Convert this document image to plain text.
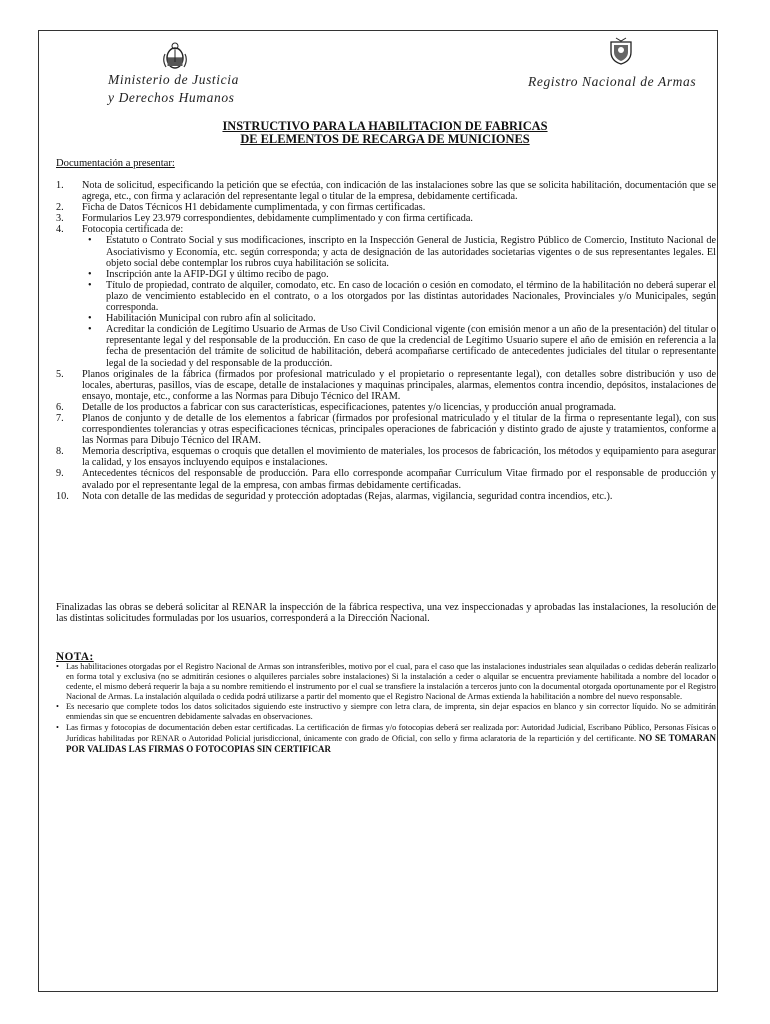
Ministerio de Justicia
y Derechos Humanos
Registro Nacional de Armas
INSTRUCTIVO PARA LA HABILITACION DE FABRICAS
DE ELEMENTOS DE RECARGA DE MUNICIONES
Documentación a presentar:
1. Nota de solicitud, especificando la petición que se efectúa, con indicación de las instalaciones sobre las que se solicita habilitación, documentación que se agrega, etc., con firma y aclaración del representante legal o titular de la empresa, debidamente certificada.
2. Ficha de Datos Técnicos H1 debidamente cumplimentada, y con firmas certificadas.
3. Formularios Ley 23.979 correspondientes, debidamente cumplimentado y con firma certificada.
4. Fotocopia certificada de:
• Estatuto o Contrato Social y sus modificaciones, inscripto en la Inspección General de Justicia, Registro Público de Comercio, Instituto Nacional de Asociativismo y Economía, etc. según corresponda; y acta de designación de las autoridades societarias vigentes o de sus representantes legales. El objeto social debe contemplar los rubros cuya habilitación se solicita.
• Inscripción ante la AFIP-DGI y último recibo de pago.
• Título de propiedad, contrato de alquiler, comodato, etc. En caso de locación o cesión en comodato, el término de la habilitación no deberá superar el plazo de vencimiento establecido en el contrato, o a los otorgados por las distintas autoridades Nacionales, Provinciales y/o Municipales, según corresponda.
• Habilitación Municipal con rubro afín al solicitado.
• Acreditar la condición de Legítimo Usuario de Armas de Uso Civil Condicional vigente (con emisión menor a un año de la presentación) del titular o representante legal y del responsable de la producción. En caso de que la credencial de Legítimo Usuario supere el año de emisión en referencia a la fecha de presentación del trámite de solicitud de habilitación, deberá acompañarse certificado de antecedentes judiciales del titular o representante legal de la sociedad y del responsable de la producción.
5. Planos originales de la fábrica (firmados por profesional matriculado y el propietario o representante legal), con detalles sobre distribución y uso de locales, aberturas, pasillos, vías de escape, detalle de instalaciones y maquinas principales, alarmas, elementos contra incendio, depósitos, instalaciones de ensayo, montaje, etc., conforme a las Normas para Dibujo Técnico del IRAM.
6. Detalle de los productos a fabricar con sus características, especificaciones, patentes y/o licencias, y producción anual programada.
7. Planos de conjunto y de detalle de los elementos a fabricar (firmados por profesional matriculado y el titular de la firma o representante legal), con sus correspondientes tolerancias y otras especificaciones técnicas, principales operaciones de fabricación y distinto grado de ajuste y tratamientos, conforme a las Normas para Dibujo Técnico del IRAM.
8. Memoria descriptiva, esquemas o croquis que detallen el movimiento de materiales, los procesos de fabricación, los métodos y equipamiento para asegurar la calidad, y los ensayos incluyendo equipos e instalaciones.
9. Antecedentes técnicos del responsable de producción. Para ello corresponde acompañar Currículum Vitae firmado por el responsable de producción y avalado por el representante legal de la empresa, con ambas firmas debidamente certificadas.
10. Nota con detalle de las medidas de seguridad y protección adoptadas (Rejas, alarmas, vigilancia, seguridad contra incendios, etc.).
Finalizadas las obras se deberá solicitar al RENAR la inspección de la fábrica respectiva, una vez inspeccionadas y aprobadas las instalaciones, la resolución de las distintas solicitudes formuladas por los usuarios, corresponderá a la Dirección Nacional.
NOTA:
• Las habilitaciones otorgadas por el Registro Nacional de Armas son intransferibles, motivo por el cual, para el caso que las instalaciones industriales sean alquiladas o cedidas deberán realizarlo en forma total y exclusiva (no se admitirán cesiones o alquileres parciales sobre instalaciones) Si la instalación a ceder o alquilar se encuentra previamente habilitada a nombre del locador o cedente, el mismo deberá requerir la baja a su nombre remitiendo el instrumento por el cual se transfiere la instalación a terceros junto con la documental otorgada oportunamente por el Registro Nacional de Armas. La instalación alquilada o cedida podrá utilizarse a partir del momento que el Registro Nacional de Armas extienda la habilitación a nombre del nuevo responsable.
• Es necesario que complete todos los datos solicitados siguiendo este instructivo y siempre con letra clara, de imprenta, sin dejar espacios en blanco y sin corrector líquido. No se admitirán enmiendas sin que se encuentren debidamente salvadas en observaciones.
• Las firmas y fotocopias de documentación deben estar certificadas. La certificación de firmas y/o fotocopias deberá ser realizada por: Autoridad Judicial, Escribano Público, Personas Físicas o Jurídicas habilitadas por RENAR o Autoridad Policial jurisdiccional, únicamente con grado de Oficial, con sello y firma aclaratoria de la repartición y del certificante. NO SE TOMARAN POR VALIDAS LAS FIRMAS O FOTOCOPIAS SIN CERTIFICAR
